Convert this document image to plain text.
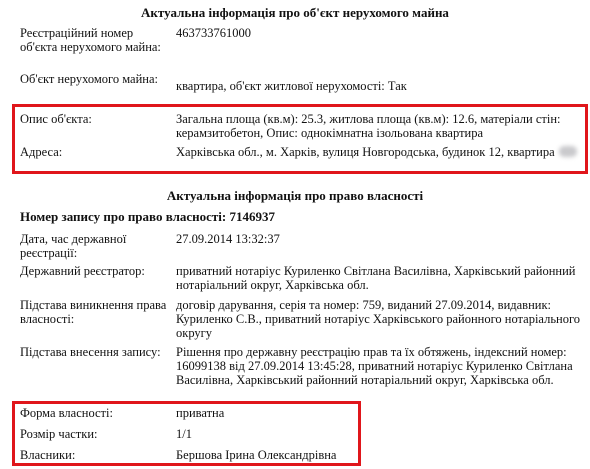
Актуальна інформація про об'єкт нерухомого майна
Реєстраційний номер об'єкта нерухомого майна:
463733761000
Об'єкт нерухомого майна:	квартира, об'єкт житлової нерухомості: Так
Опис об'єкта:	Загальна площа (кв.м): 25.3, житлова площа (кв.м): 12.6, матеріали стін: керамзитобетон, Опис: однокімнатна ізольована квартира
Адреса:	Харківська обл., м. Харків, вулиця Новгородська, будинок 12, квартира
Актуальна інформація про право власності
Номер запису про право власності: 7146937
Дата, час державної реєстрації:
27.09.2014 13:32:37
Державний реєстратор:	приватний нотаріус Куриленко Світлана Василівна, Харківський районний нотаріальний округ, Харківська обл.
Підстава виникнення права власності:
договір дарування, серія та номер: 759, виданий 27.09.2014, видавник: Куриленко С.В., приватний нотаріус Харківського районного нотаріального округу
Підстава внесення запису:	Рішення про державну реєстрацію прав та їх обтяжень, індексний номер: 16099138 від 27.09.2014 13:45:28, приватний нотаріус Куриленко Світлана Василівна, Харківський районний нотаріальний округ, Харківська обл.
Форма власності:	приватна
Розмір частки:	1/1
Власники:	Бершова Ірина Олександрівна
